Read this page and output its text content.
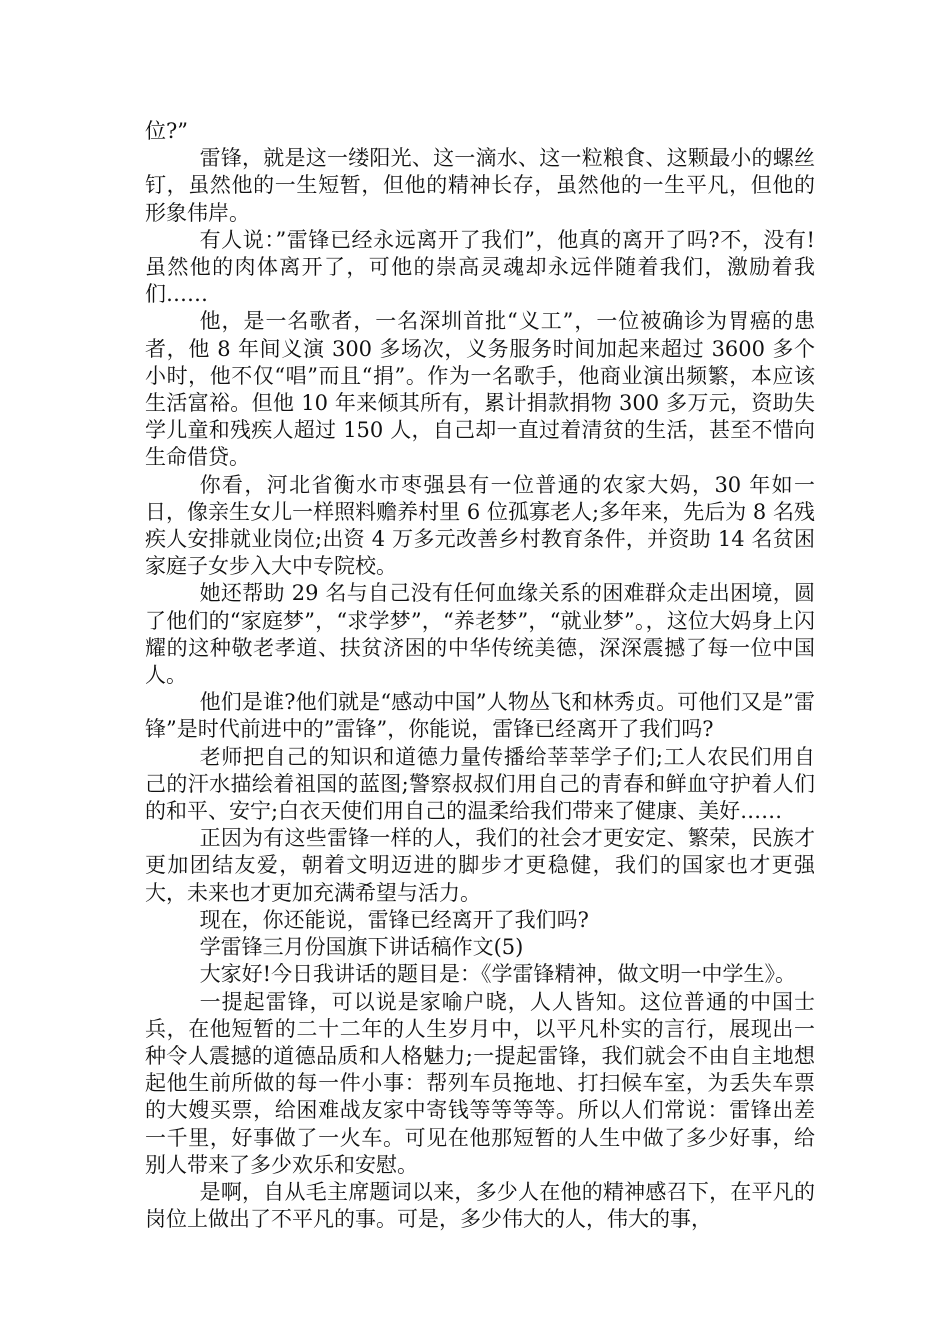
位?”

雷锋，就是这一缕阳光、这一滴水、这一粒粮食、这颗最小的螺丝钉，虽然他的一生短暂，但他的精神长存，虽然他的一生平凡，但他的形象伟岸。

有人说：”雷锋已经永远离开了我们”，他真的离开了吗?不，没有!虽然他的肉体离开了，可他的崇高灵魂却永远伴随着我们，激励着我们……

他，是一名歌者，一名深圳首批“义工”，一位被确诊为胃癌的患者，他 8 年间义演 300 多场次，义务服务时间加起来超过 3600 多个小时，他不仅“唱”而且“捐”。作为一名歌手，他商业演出频繁，本应该生活富裕。但他 10 年来倾其所有，累计捐款捐物 300 多万元，资助失学儿童和残疾人超过 150 人，自己却一直过着清贫的生活，甚至不惜向生命借贷。

你看，河北省衡水市枣强县有一位普通的农家大妈，30 年如一日，像亲生女儿一样照料赡养村里 6 位孤寡老人;多年来，先后为 8 名残疾人安排就业岗位;出资 4 万多元改善乡村教育条件，并资助 14 名贫困家庭子女步入大中专院校。

她还帮助 29 名与自己没有任何血缘关系的困难群众走出困境，圆了他们的“家庭梦”，“求学梦”，“养老梦”，“就业梦”。，这位大妈身上闪耀的这种敬老孝道、扶贫济困的中华传统美德，深深震撼了每一位中国人。

他们是谁?他们就是“感动中国”人物丛飞和林秀贞。可他们又是”雷锋”是时代前进中的”雷锋”，你能说，雷锋已经离开了我们吗?

老师把自己的知识和道德力量传播给莘莘学子们;工人农民们用自己的汗水描绘着祖国的蓝图;警察叔叔们用自己的青春和鲜血守护着人们的和平、安宁;白衣天使们用自己的温柔给我们带来了健康、美好……

正因为有这些雷锋一样的人，我们的社会才更安定、繁荣，民族才更加团结友爱，朝着文明迈进的脚步才更稳健，我们的国家也才更强大，未来也才更加充满希望与活力。

现在，你还能说，雷锋已经离开了我们吗?

学雷锋三月份国旗下讲话稿作文(5)

大家好!今日我讲话的题目是：《学雷锋精神，做文明一中学生》。

一提起雷锋，可以说是家喻户晓，人人皆知。这位普通的中国士兵，在他短暂的二十二年的人生岁月中，以平凡朴实的言行，展现出一种令人震撼的道德品质和人格魅力;一提起雷锋，我们就会不由自主地想起他生前所做的每一件小事：帮列车员拖地、打扫候车室，为丢失车票的大嫂买票，给困难战友家中寄钱等等等等。所以人们常说：雷锋出差一千里，好事做了一火车。可见在他那短暂的人生中做了多少好事，给别人带来了多少欢乐和安慰。

是啊，自从毛主席题词以来，多少人在他的精神感召下，在平凡的岗位上做出了不平凡的事。可是，多少伟大的人，伟大的事，
